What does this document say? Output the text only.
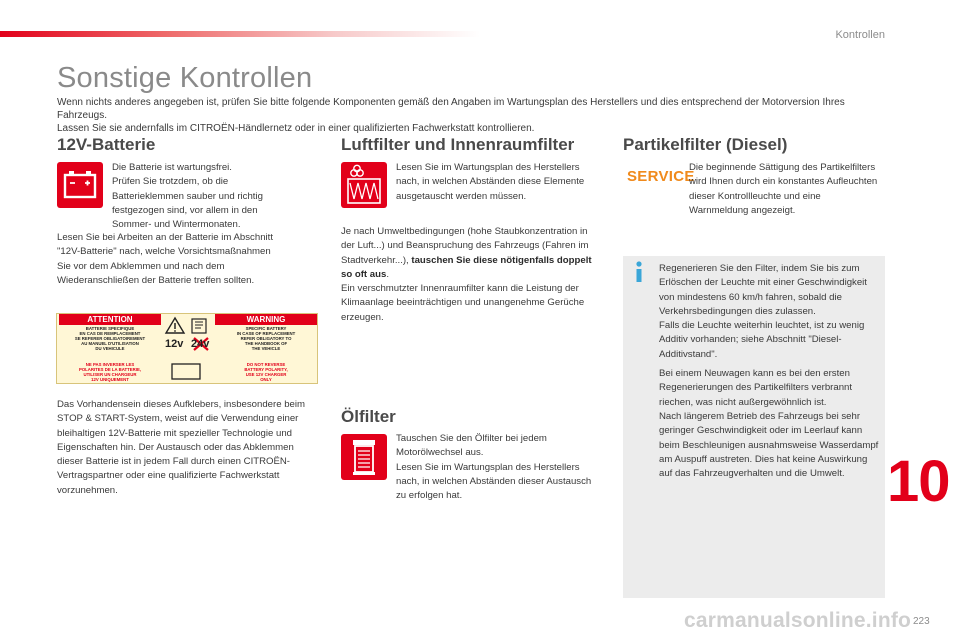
Kontrollen
Sonstige Kontrollen

Wenn nichts anderes angegeben ist, prüfen Sie bitte folgende Komponenten gemäß den Angaben im Wartungsplan des Herstellers und dies entsprechend der Motorversion Ihres Fahrzeugs.

Lassen Sie sie andernfalls im CITROËN-Händlernetz oder in einer qualifizierten Fachwerkstatt kontrollieren.

12V-Batterie

Die Batterie ist wartungsfrei.

Prüfen Sie trotzdem, ob die Batterieklemmen sauber und richtig festgezogen sind, vor allem in den Sommer- und Wintermonaten.

Lesen Sie bei Arbeiten an der Batterie im Abschnitt "12V-Batterie" nach, welche Vorsichtsmaßnahmen Sie vor dem Abklemmen und nach dem Wiederanschließen der Batterie treffen sollten.

ATTENTION	WARNING
BATTERIE SPECIFIQUE
EN CAS DE REMPLACEMENT
SE REFERER OBLIGATOIREMENT
AU MANUEL D'UTILISATION
DU VEHICULE
NE PAS INVERSER LES
POLARITES DE LA BATTERIE,
UTILISER UN CHARGEUR
12V UNIQUEMENT
SPECIFIC BATTERY
IN CASE OF REPLACEMENT
REFER OBLIGATORY TO
THE HANDBOOK OF
THE VEHICLE
DO NOT REVERSE
BATTERY POLARITY,
USE 12V CHARGER
ONLY
12v 24v

Das Vorhandensein dieses Aufklebers, insbesondere beim STOP & START-System, weist auf die Verwendung einer bleihaltigen 12V-Batterie mit spezieller Technologie und Eigenschaften hin. Der Austausch oder das Abklemmen dieser Batterie ist in jedem Fall durch einen CITROËN-Vertragspartner oder eine qualifizierte Fachwerkstatt vorzunehmen.

Luftfilter und Innenraumfilter

Lesen Sie im Wartungsplan des Herstellers nach, in welchen Abständen diese Elemente ausgetauscht werden müssen.

Je nach Umweltbedingungen (hohe Staubkonzentration in der Luft...) und Beanspruchung des Fahrzeugs (Fahren im Stadtverkehr...), tauschen Sie diese nötigenfalls doppelt so oft aus.

Ein verschmutzter Innenraumfilter kann die Leistung der Klimaanlage beeinträchtigen und unangenehme Gerüche erzeugen.

Ölfilter

Tauschen Sie den Ölfilter bei jedem Motorölwechsel aus.

Lesen Sie im Wartungsplan des Herstellers nach, in welchen Abständen dieser Austausch zu erfolgen hat.

Partikelfilter (Diesel)
SERVICE

Die beginnende Sättigung des Partikelfilters wird Ihnen durch ein konstantes Aufleuchten dieser Kontrollleuchte und eine Warnmeldung angezeigt.

Regenerieren Sie den Filter, indem Sie bis zum Erlöschen der Leuchte mit einer Geschwindigkeit von mindestens 60 km/h fahren, sobald die Verkehrsbedingungen dies zulassen.

Falls die Leuchte weiterhin leuchtet, ist zu wenig Additiv vorhanden; siehe Abschnitt "Diesel-Additivstand".

Bei einem Neuwagen kann es bei den ersten Regenerierungen des Partikelfilters verbrannt riechen, was nicht außergewöhnlich ist.

Nach längerem Betrieb des Fahrzeugs bei sehr geringer Geschwindigkeit oder im Leerlauf kann beim Beschleunigen ausnahmsweise Wasserdampf am Auspuff austreten. Dies hat keine Auswirkung auf das Fahrzeugverhalten und die Umwelt. 10
carmanualsonline.info 223
